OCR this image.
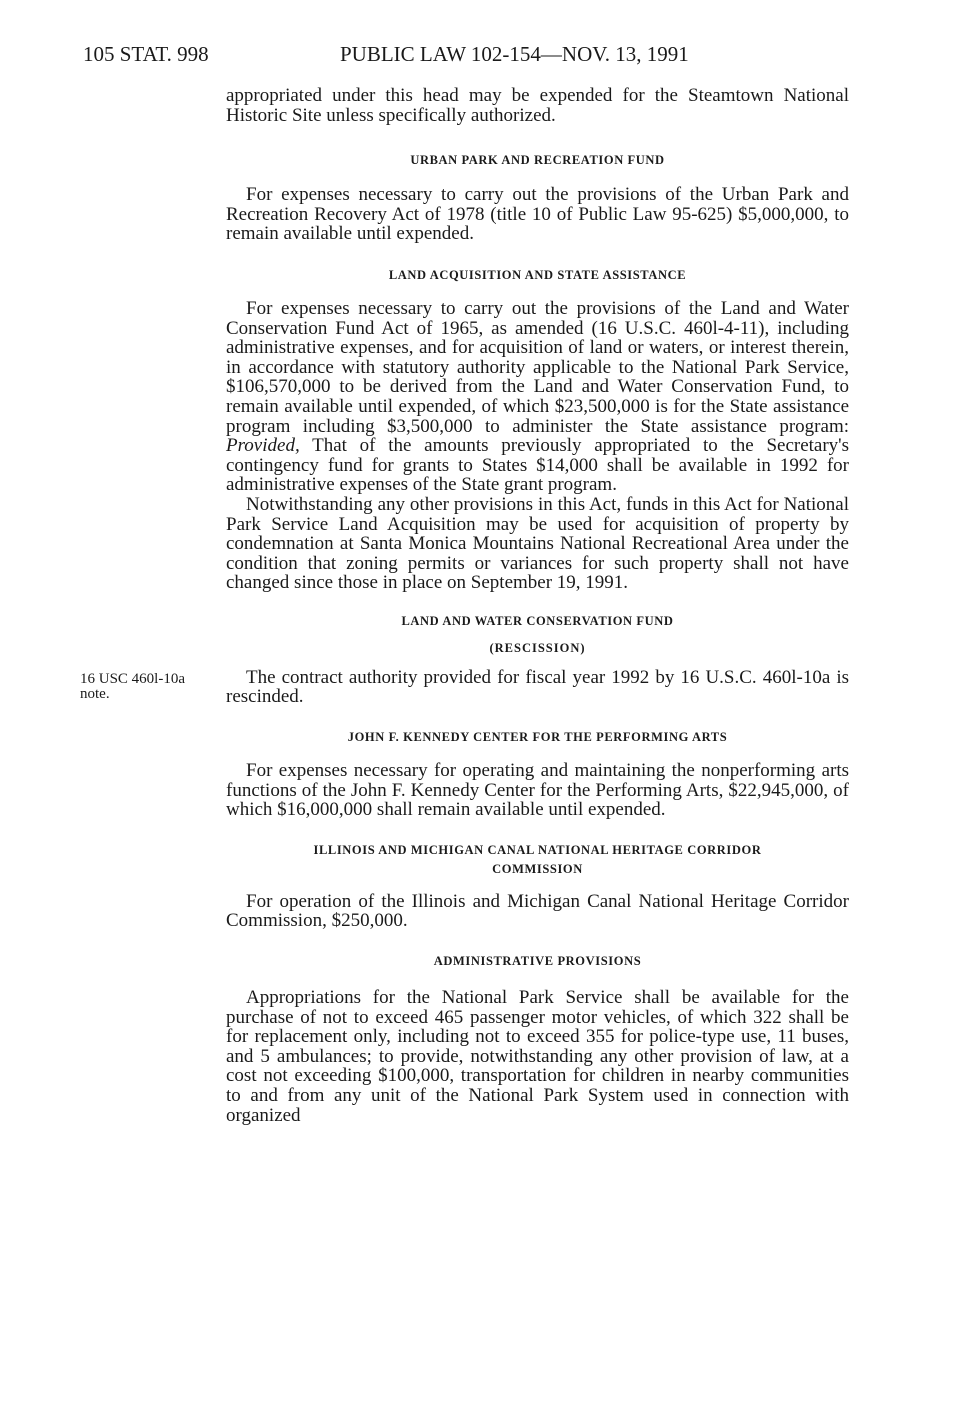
105 STAT. 998	PUBLIC LAW 102-154—NOV. 13, 1991

appropriated under this head may be expended for the Steamtown National Historic Site unless specifically authorized.

URBAN PARK AND RECREATION FUND

For expenses necessary to carry out the provisions of the Urban Park and Recreation Recovery Act of 1978 (title 10 of Public Law 95-625) $5,000,000, to remain available until expended.

LAND ACQUISITION AND STATE ASSISTANCE

For expenses necessary to carry out the provisions of the Land and Water Conservation Fund Act of 1965, as amended (16 U.S.C. 460l-4-11), including administrative expenses, and for acquisition of land or waters, or interest therein, in accordance with statutory authority applicable to the National Park Service, $106,570,000 to be derived from the Land and Water Conservation Fund, to remain available until expended, of which $23,500,000 is for the State assistance program including $3,500,000 to administer the State assistance program: Provided, That of the amounts previously appropriated to the Secretary's contingency fund for grants to States $14,000 shall be available in 1992 for administrative expenses of the State grant program.

Notwithstanding any other provisions in this Act, funds in this Act for National Park Service Land Acquisition may be used for acquisition of property by condemnation at Santa Monica Mountains National Recreational Area under the condition that zoning permits or variances for such property shall not have changed since those in place on September 19, 1991.

LAND AND WATER CONSERVATION FUND
(RESCISSION)
16 USC 460l-10a
note.

The contract authority provided for fiscal year 1992 by 16 U.S.C. 460l-10a is rescinded.

JOHN F. KENNEDY CENTER FOR THE PERFORMING ARTS

For expenses necessary for operating and maintaining the nonperforming arts functions of the John F. Kennedy Center for the Performing Arts, $22,945,000, of which $16,000,000 shall remain available until expended.

ILLINOIS AND MICHIGAN CANAL NATIONAL HERITAGE CORRIDOR
COMMISSION

For operation of the Illinois and Michigan Canal National Heritage Corridor Commission, $250,000.

ADMINISTRATIVE PROVISIONS

Appropriations for the National Park Service shall be available for the purchase of not to exceed 465 passenger motor vehicles, of which 322 shall be for replacement only, including not to exceed 355 for police-type use, 11 buses, and 5 ambulances; to provide, notwithstanding any other provision of law, at a cost not exceeding $100,000, transportation for children in nearby communities to and from any unit of the National Park System used in connection with organized
